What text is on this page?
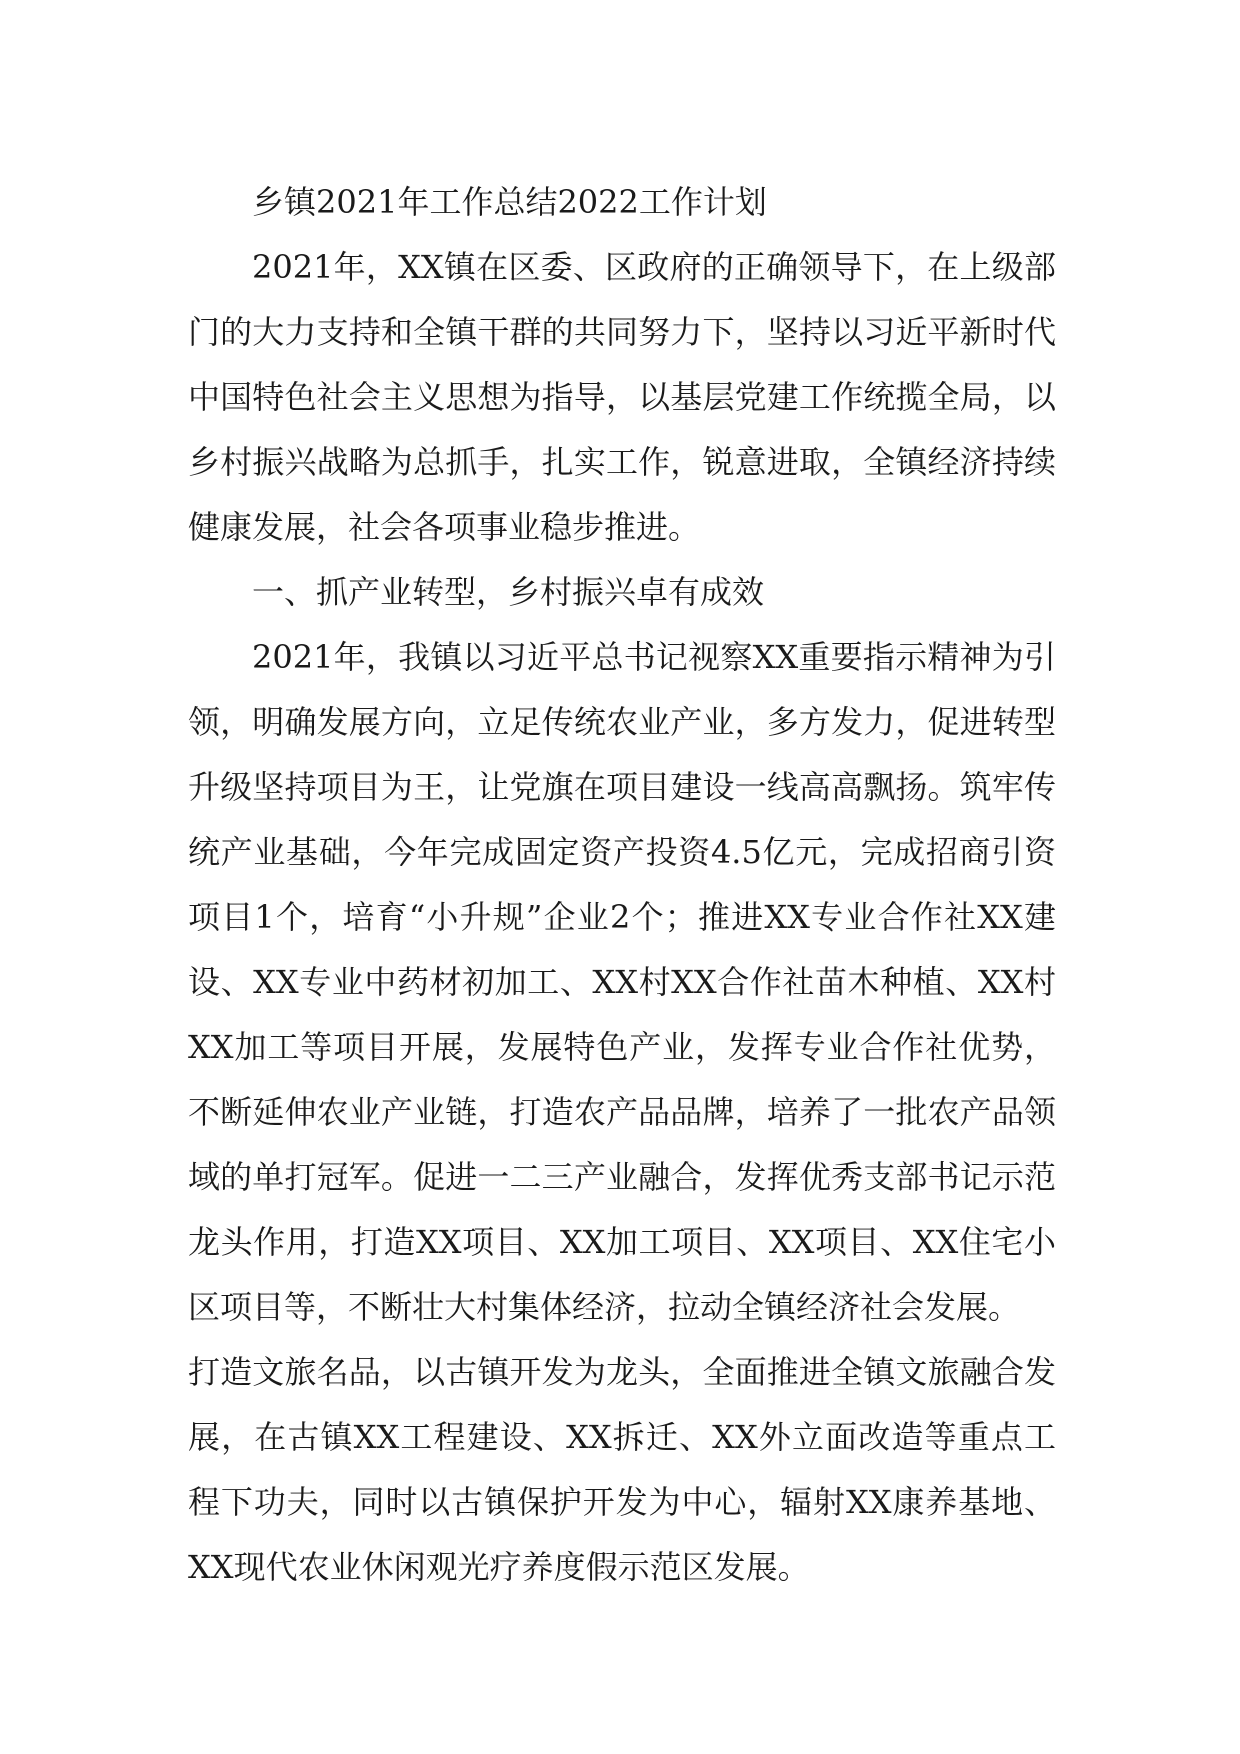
乡镇2021年工作总结2022工作计划

2021年，XX镇在区委、区政府的正确领导下，在上级部门的大力支持和全镇干群的共同努力下，坚持以习近平新时代中国特色社会主义思想为指导，以基层党建工作统揽全局，以乡村振兴战略为总抓手，扎实工作，锐意进取，全镇经济持续健康发展，社会各项事业稳步推进。

一、抓产业转型，乡村振兴卓有成效

2021年，我镇以习近平总书记视察XX重要指示精神为引领，明确发展方向，立足传统农业产业，多方发力，促进转型升级坚持项目为王，让党旗在项目建设一线高高飘扬。筑牢传统产业基础，今年完成固定资产投资4.5亿元，完成招商引资项目1个，培育“小升规”企业2个；推进XX专业合作社XX建设、XX专业中药材初加工、XX村XX合作社苗木种植、XX村XX加工等项目开展，发展特色产业，发挥专业合作社优势，不断延伸农业产业链，打造农产品品牌，培养了一批农产品领域的单打冠军。促进一二三产业融合，发挥优秀支部书记示范龙头作用，打造XX项目、XX加工项目、XX项目、XX住宅小区项目等，不断壮大村集体经济，拉动全镇经济社会发展。

打造文旅名品，以古镇开发为龙头，全面推进全镇文旅融合发展，在古镇XX工程建设、XX拆迁、XX外立面改造等重点工程下功夫，同时以古镇保护开发为中心，辐射XX康养基地、XX现代农业休闲观光疗养度假示范区发展。
